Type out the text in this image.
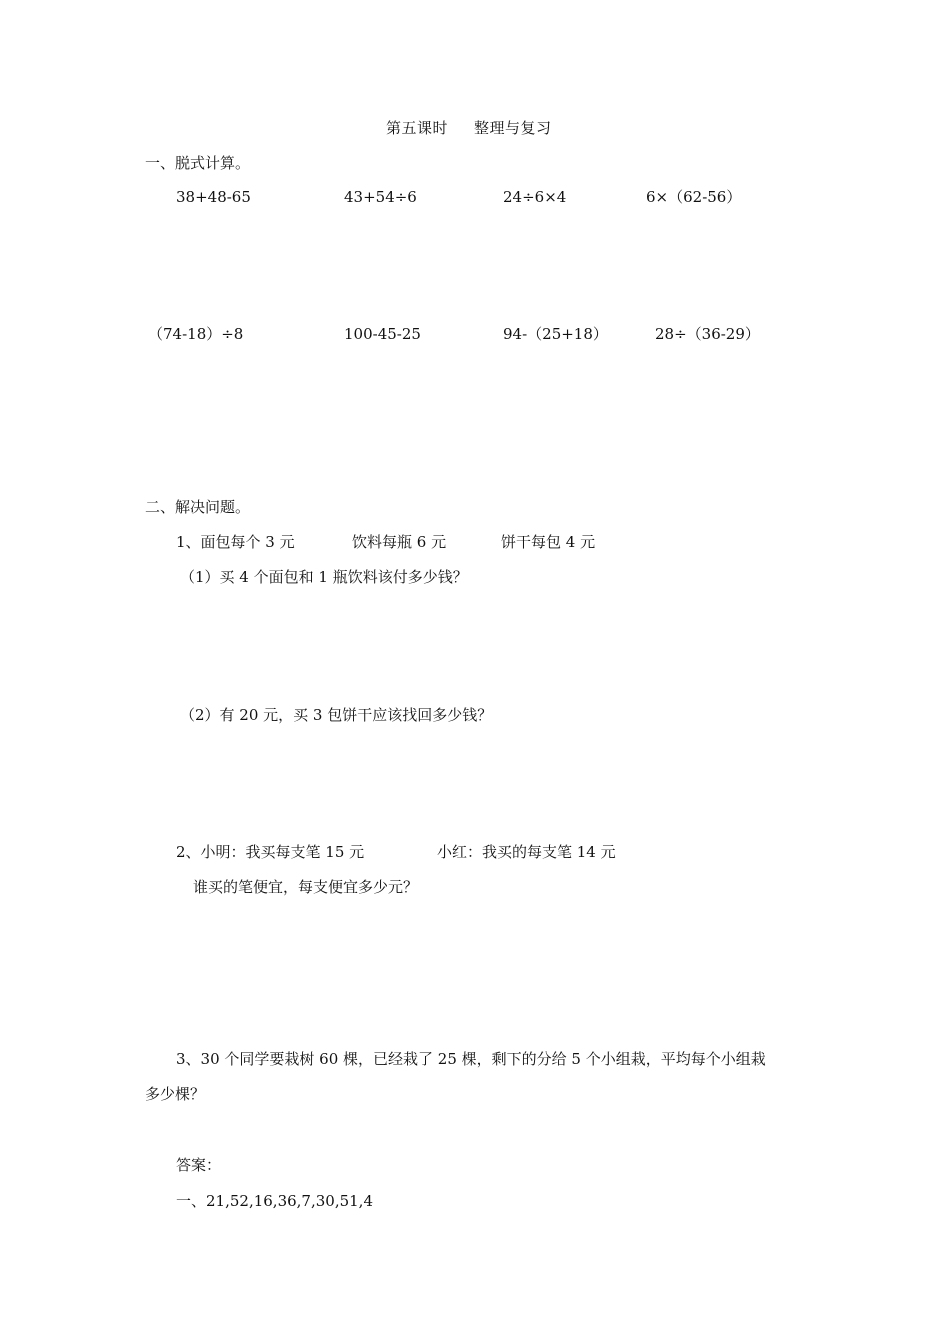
第五课时 整理与复习
一、脱式计算。
38+48-65	43+54÷6	24÷6×4	6×（62-56）
（74-18）÷8	100-45-25	94-（25+18）	28÷（36-29）
二、解决问题。
1、面包每个 3 元	饮料每瓶 6 元	饼干每包 4 元
（1）买 4 个面包和 1 瓶饮料该付多少钱？
（2）有 20 元，买 3 包饼干应该找回多少钱？
2、小明：我买每支笔 15 元	小红：我买的每支笔 14 元
谁买的笔便宜，每支便宜多少元？
3、30 个同学要栽树 60 棵，已经栽了 25 棵，剩下的分给 5 个小组栽，平均每个小组栽
多少棵？
答案：
一、21,52,16,36,7,30,51,4
